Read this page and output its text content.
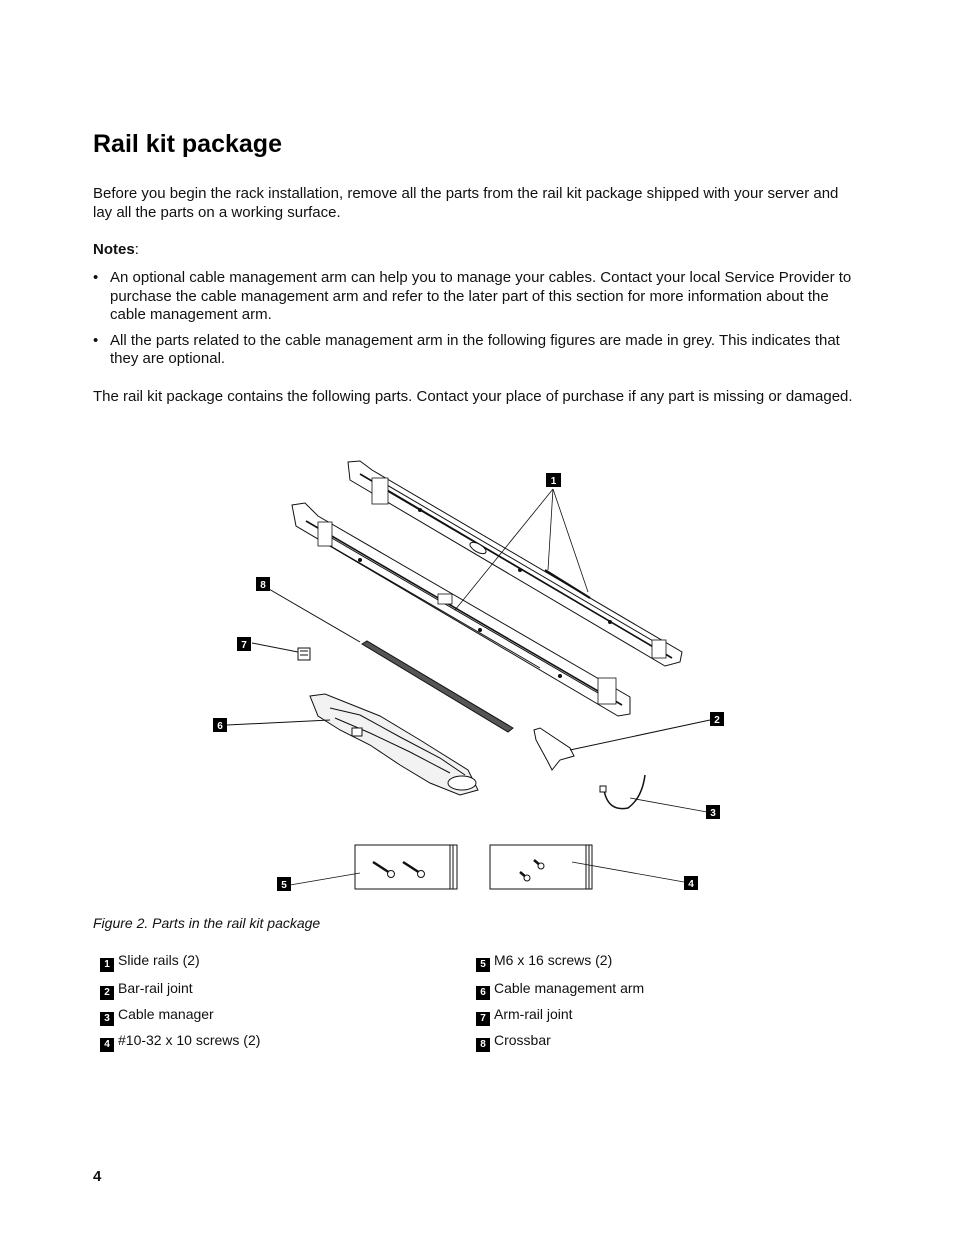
Rail kit package

Before you begin the rack installation, remove all the parts from the rail kit package shipped with your server and lay all the parts on a working surface.

Notes:

• An optional cable management arm can help you to manage your cables. Contact your local Service Provider to purchase the cable management arm and refer to the later part of this section for more information about the cable management arm.
• All the parts related to the cable management arm in the following figures are made in grey. This indicates that they are optional.

The rail kit package contains the following parts. Contact your place of purchase if any part is missing or damaged.

1
2
3
4
5
6
7
8

Figure 2. Parts in the rail kit package

1 Slide rails (2)
2 Bar-rail joint
3 Cable manager
4 #10-32 x 10 screws (2)
5 M6 x 16 screws (2)
6 Cable management arm
7 Arm-rail joint
8 Crossbar

4
